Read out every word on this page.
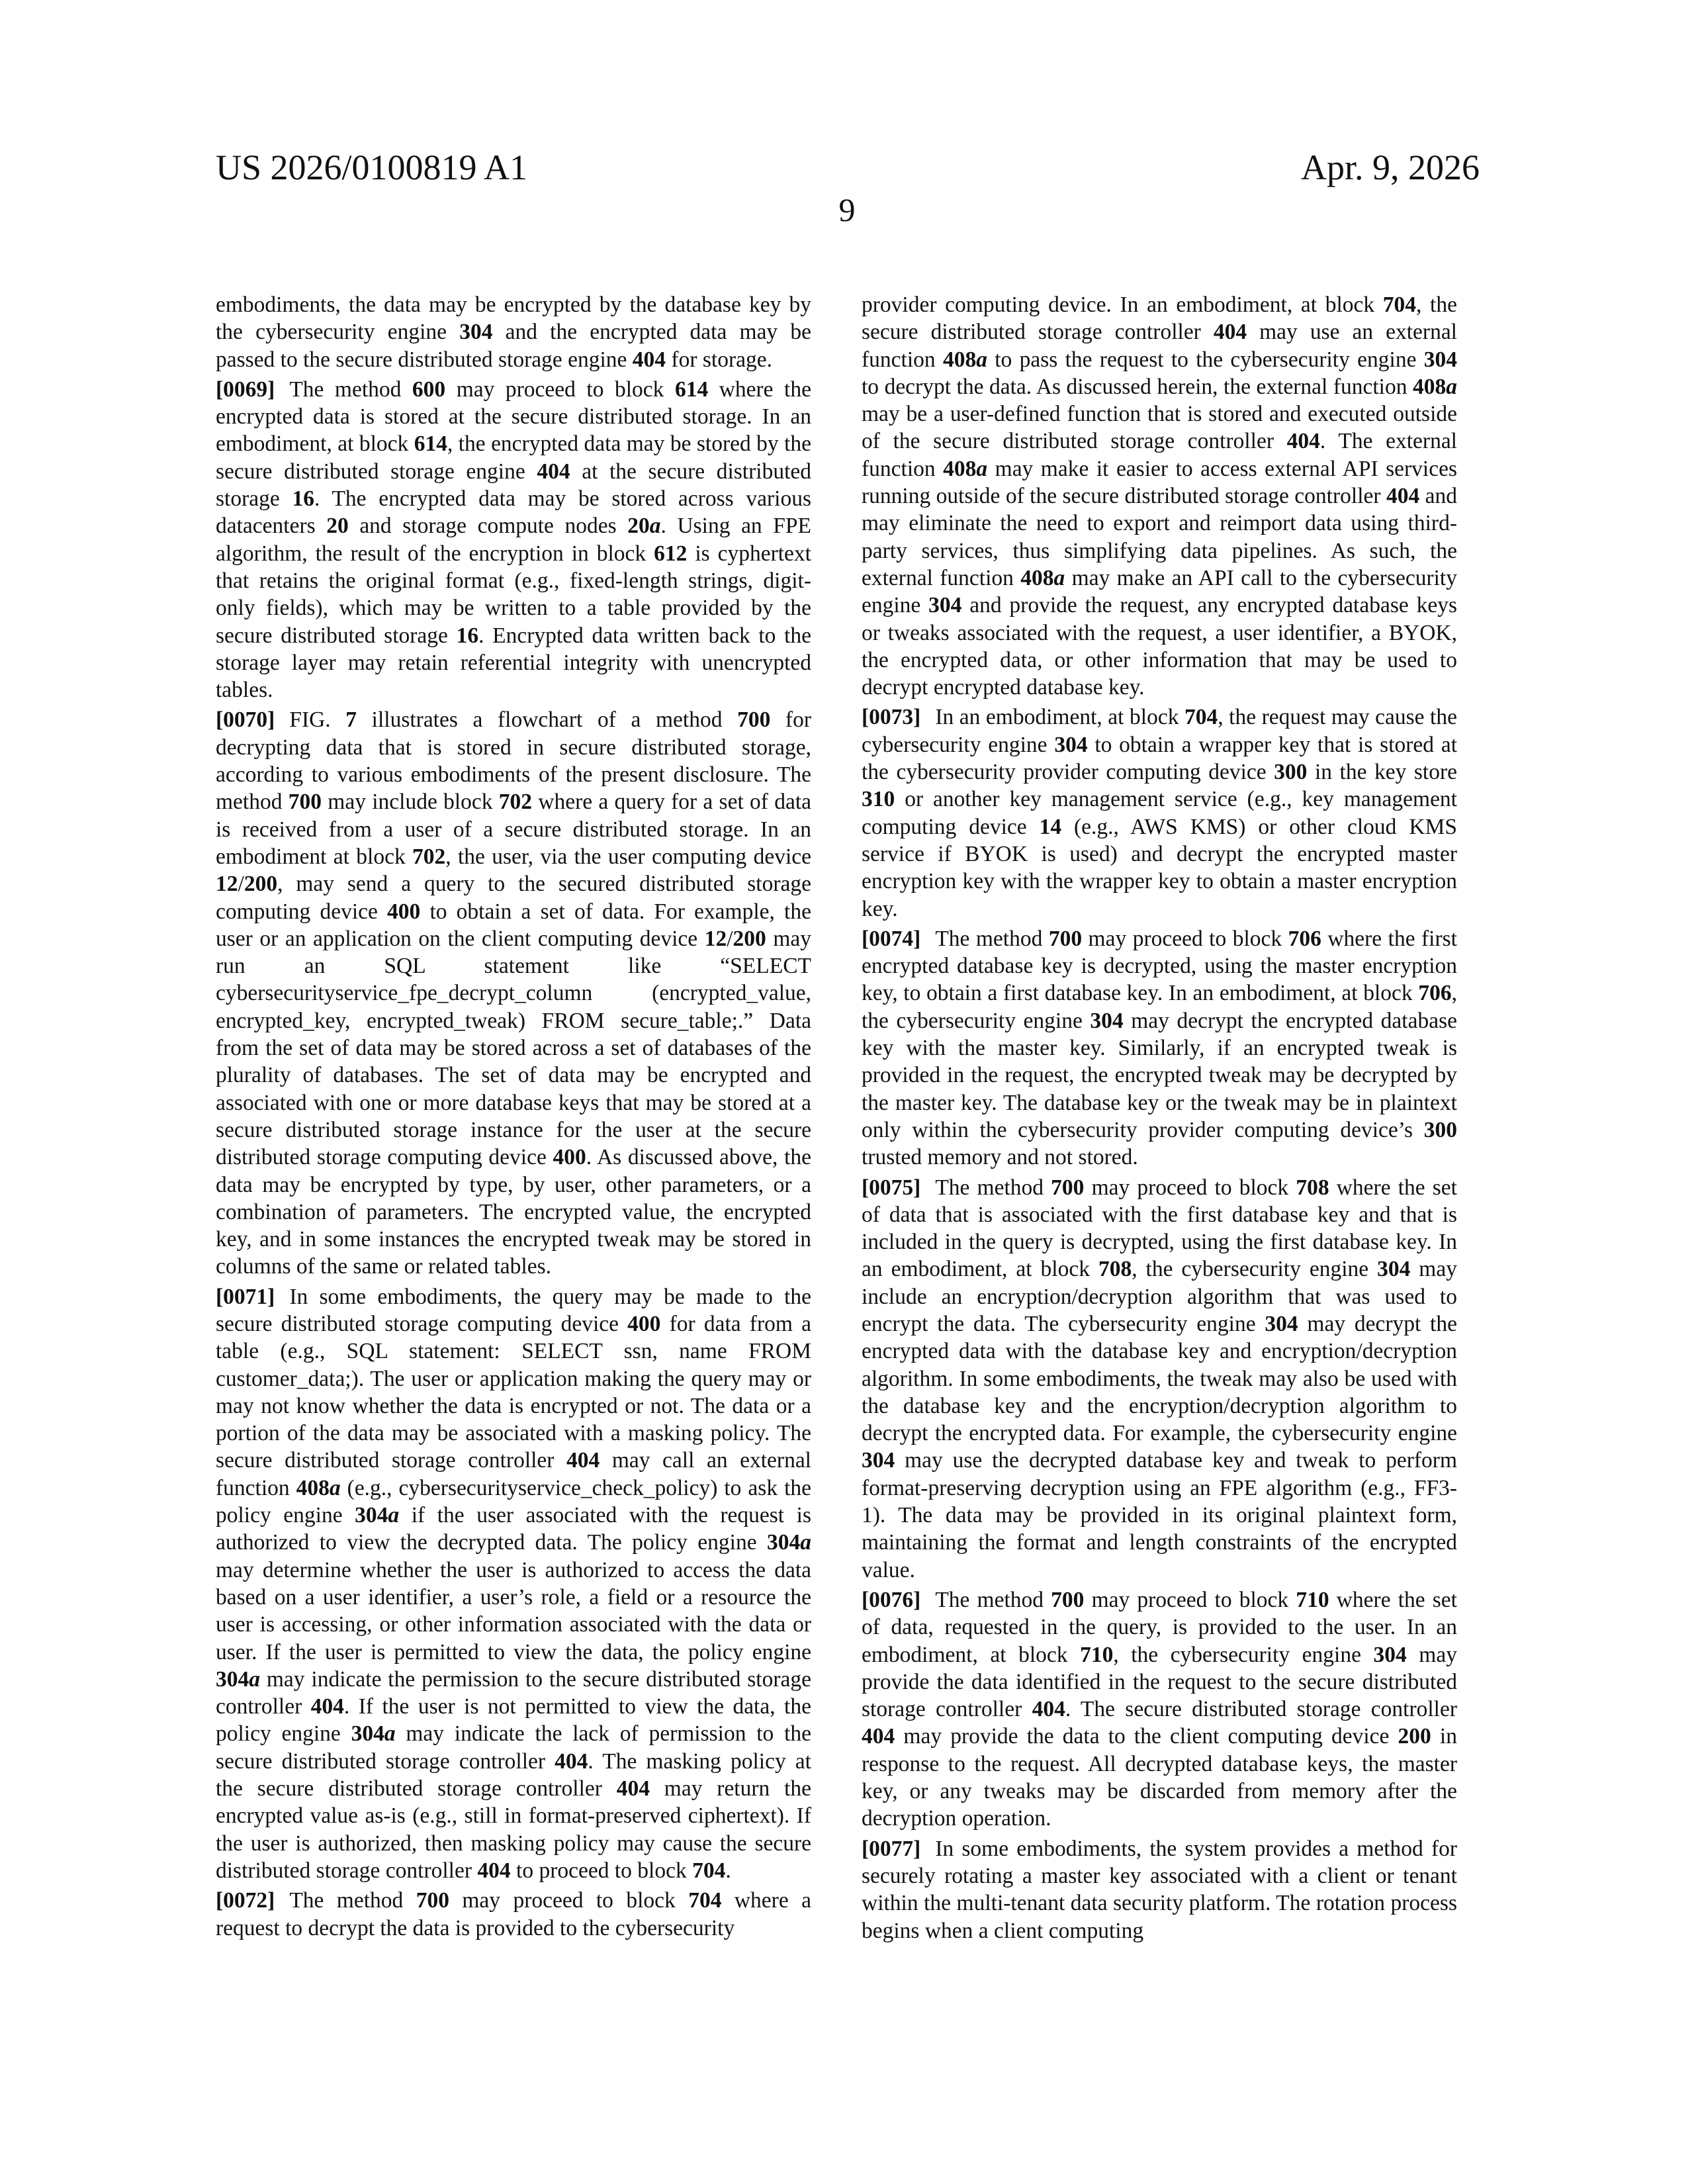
US 2026/0100819 A1	Apr. 9, 2026
9

embodiments, the data may be encrypted by the database key by the cybersecurity engine 304 and the encrypted data may be passed to the secure distributed storage engine 404 for storage.

[0069] The method 600 may proceed to block 614 where the encrypted data is stored at the secure distributed storage. In an embodiment, at block 614, the encrypted data may be stored by the secure distributed storage engine 404 at the secure distributed storage 16. The encrypted data may be stored across various datacenters 20 and storage compute nodes 20a. Using an FPE algorithm, the result of the encryption in block 612 is cyphertext that retains the original format (e.g., fixed-length strings, digit-only fields), which may be written to a table provided by the secure distributed storage 16. Encrypted data written back to the storage layer may retain referential integrity with unencrypted tables.

[0070] FIG. 7 illustrates a flowchart of a method 700 for decrypting data that is stored in secure distributed storage, according to various embodiments of the present disclosure. The method 700 may include block 702 where a query for a set of data is received from a user of a secure distributed storage. In an embodiment at block 702, the user, via the user computing device 12/200, may send a query to the secured distributed storage computing device 400 to obtain a set of data. For example, the user or an application on the client computing device 12/200 may run an SQL statement like “SELECT cybersecurityservice_fpe_decrypt_column (encrypted_value, encrypted_key, encrypted_tweak) FROM secure_table;.” Data from the set of data may be stored across a set of databases of the plurality of databases. The set of data may be encrypted and associated with one or more database keys that may be stored at a secure distributed storage instance for the user at the secure distributed storage computing device 400. As discussed above, the data may be encrypted by type, by user, other parameters, or a combination of parameters. The encrypted value, the encrypted key, and in some instances the encrypted tweak may be stored in columns of the same or related tables.

[0071] In some embodiments, the query may be made to the secure distributed storage computing device 400 for data from a table (e.g., SQL statement: SELECT ssn, name FROM customer_data;). The user or application making the query may or may not know whether the data is encrypted or not. The data or a portion of the data may be associated with a masking policy. The secure distributed storage controller 404 may call an external function 408a (e.g., cybersecurityservice_check_policy) to ask the policy engine 304a if the user associated with the request is authorized to view the decrypted data. The policy engine 304a may determine whether the user is authorized to access the data based on a user identifier, a user’s role, a field or a resource the user is accessing, or other information associated with the data or user. If the user is permitted to view the data, the policy engine 304a may indicate the permission to the secure distributed storage controller 404. If the user is not permitted to view the data, the policy engine 304a may indicate the lack of permission to the secure distributed storage controller 404. The masking policy at the secure distributed storage controller 404 may return the encrypted value as-is (e.g., still in format-preserved ciphertext). If the user is authorized, then masking policy may cause the secure distributed storage controller 404 to proceed to block 704.

[0072] The method 700 may proceed to block 704 where a request to decrypt the data is provided to the cybersecurity

provider computing device. In an embodiment, at block 704, the secure distributed storage controller 404 may use an external function 408a to pass the request to the cybersecurity engine 304 to decrypt the data. As discussed herein, the external function 408a may be a user-defined function that is stored and executed outside of the secure distributed storage controller 404. The external function 408a may make it easier to access external API services running outside of the secure distributed storage controller 404 and may eliminate the need to export and reimport data using third-party services, thus simplifying data pipelines. As such, the external function 408a may make an API call to the cybersecurity engine 304 and provide the request, any encrypted database keys or tweaks associated with the request, a user identifier, a BYOK, the encrypted data, or other information that may be used to decrypt encrypted database key.

[0073] In an embodiment, at block 704, the request may cause the cybersecurity engine 304 to obtain a wrapper key that is stored at the cybersecurity provider computing device 300 in the key store 310 or another key management service (e.g., key management computing device 14 (e.g., AWS KMS) or other cloud KMS service if BYOK is used) and decrypt the encrypted master encryption key with the wrapper key to obtain a master encryption key.

[0074] The method 700 may proceed to block 706 where the first encrypted database key is decrypted, using the master encryption key, to obtain a first database key. In an embodiment, at block 706, the cybersecurity engine 304 may decrypt the encrypted database key with the master key. Similarly, if an encrypted tweak is provided in the request, the encrypted tweak may be decrypted by the master key. The database key or the tweak may be in plaintext only within the cybersecurity provider computing device’s 300 trusted memory and not stored.

[0075] The method 700 may proceed to block 708 where the set of data that is associated with the first database key and that is included in the query is decrypted, using the first database key. In an embodiment, at block 708, the cybersecurity engine 304 may include an encryption/decryption algorithm that was used to encrypt the data. The cybersecurity engine 304 may decrypt the encrypted data with the database key and encryption/decryption algorithm. In some embodiments, the tweak may also be used with the database key and the encryption/decryption algorithm to decrypt the encrypted data. For example, the cybersecurity engine 304 may use the decrypted database key and tweak to perform format-preserving decryption using an FPE algorithm (e.g., FF3-1). The data may be provided in its original plaintext form, maintaining the format and length constraints of the encrypted value.

[0076] The method 700 may proceed to block 710 where the set of data, requested in the query, is provided to the user. In an embodiment, at block 710, the cybersecurity engine 304 may provide the data identified in the request to the secure distributed storage controller 404. The secure distributed storage controller 404 may provide the data to the client computing device 200 in response to the request. All decrypted database keys, the master key, or any tweaks may be discarded from memory after the decryption operation.

[0077] In some embodiments, the system provides a method for securely rotating a master key associated with a client or tenant within the multi-tenant data security platform. The rotation process begins when a client computing
